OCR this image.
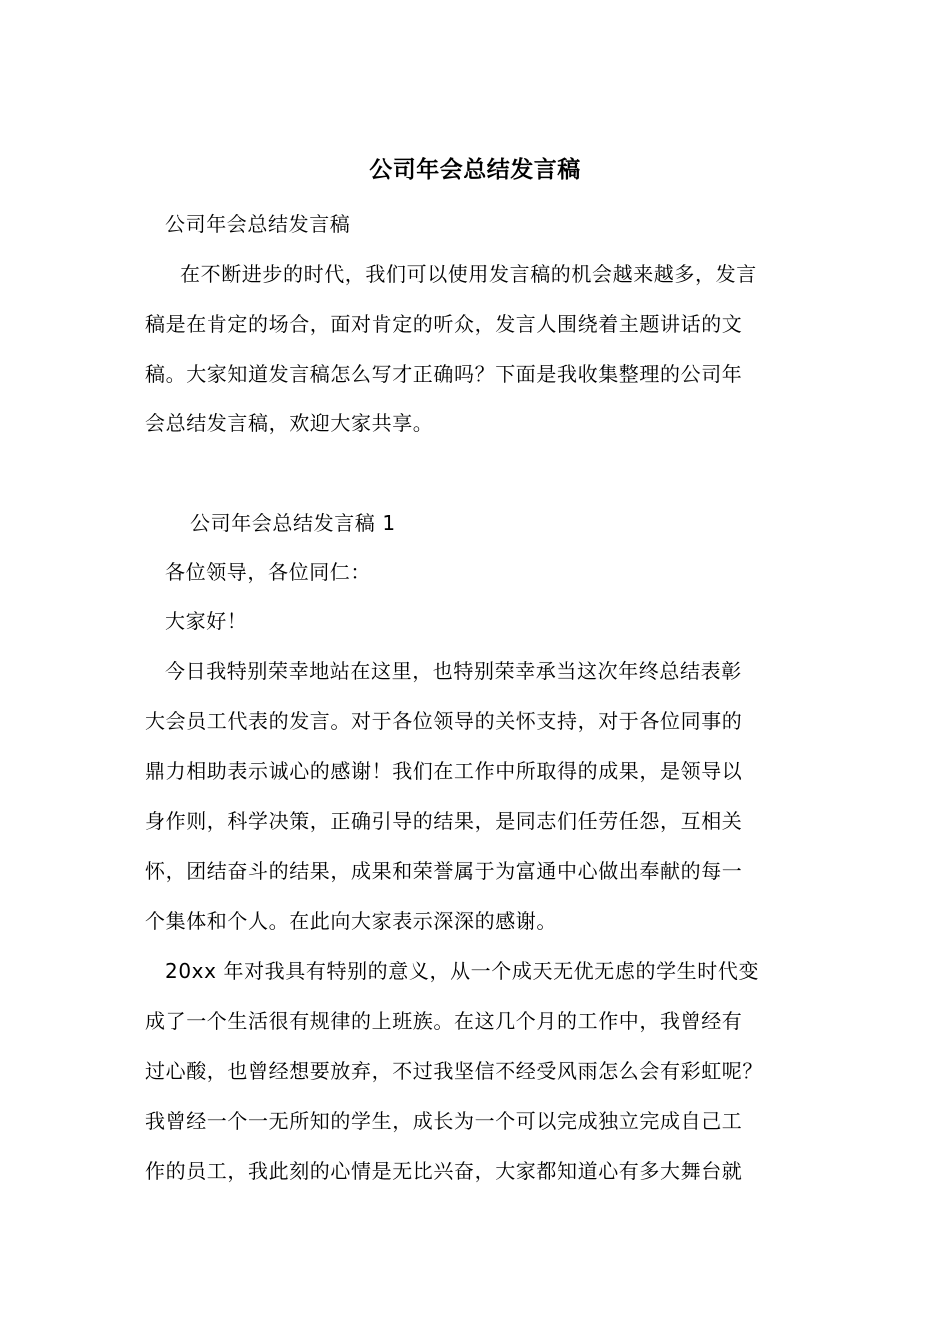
公司年会总结发言稿
公司年会总结发言稿
在不断进步的时代，我们可以使用发言稿的机会越来越多，发言
稿是在肯定的场合，面对肯定的听众，发言人围绕着主题讲话的文
稿。大家知道发言稿怎么写才正确吗？下面是我收集整理的公司年
会总结发言稿，欢迎大家共享。
公司年会总结发言稿 1
各位领导，各位同仁：
大家好！
今日我特别荣幸地站在这里，也特别荣幸承当这次年终总结表彰
大会员工代表的发言。对于各位领导的关怀支持，对于各位同事的
鼎力相助表示诚心的感谢！我们在工作中所取得的成果，是领导以
身作则，科学决策，正确引导的结果，是同志们任劳任怨，互相关
怀，团结奋斗的结果，成果和荣誉属于为富通中心做出奉献的每一
个集体和个人。在此向大家表示深深的感谢。
20xx 年对我具有特别的意义，从一个成天无优无虑的学生时代变
成了一个生活很有规律的上班族。在这几个月的工作中，我曾经有
过心酸，也曾经想要放弃，不过我坚信不经受风雨怎么会有彩虹呢？
我曾经一个一无所知的学生，成长为一个可以完成独立完成自己工
作的员工，我此刻的心情是无比兴奋，大家都知道心有多大舞台就
